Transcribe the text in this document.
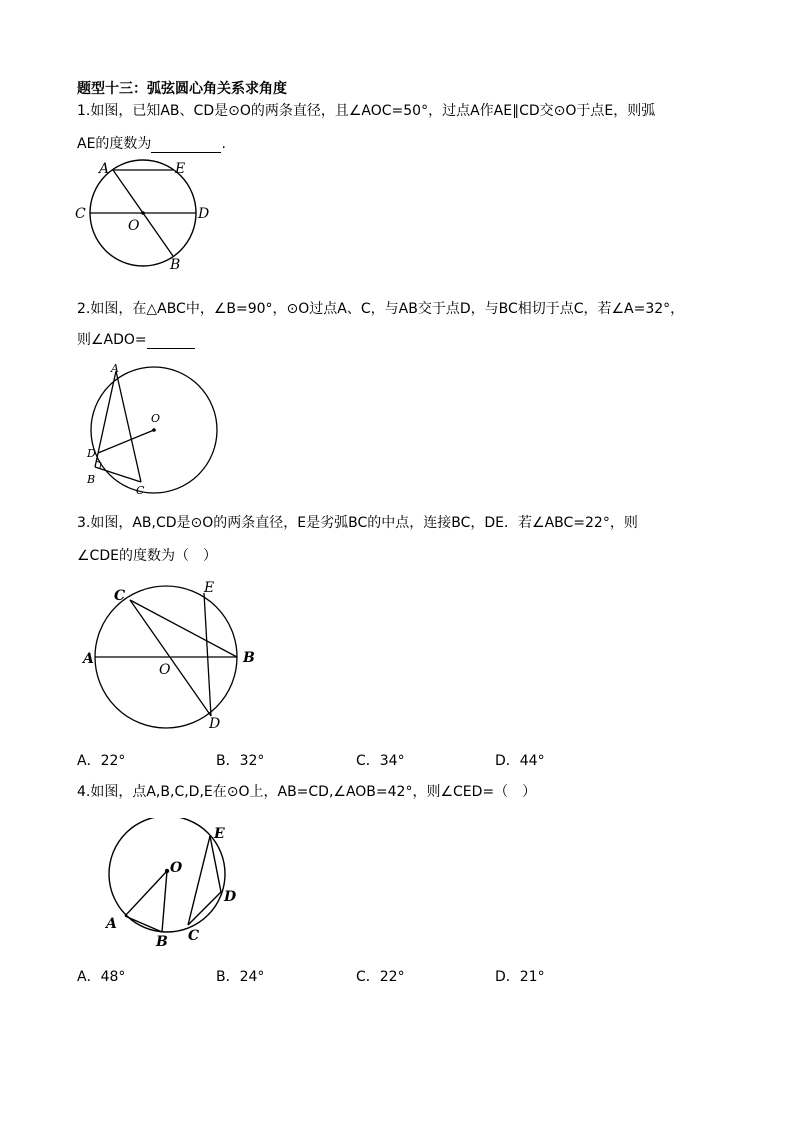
题型十三：弧弦圆心角关系求角度
1.如图，已知AB、CD是⊙O的两条直径，且∠AOC=50°，过点A作AE∥CD交⊙O于点E，则弧
AE的度数为	.
A	E
C	D
O
B
2.如图，在△ABC中，∠B=90°，⊙O过点A、C，与AB交于点D，与BC相切于点C，若∠A=32°，
则∠ADO=
A
O
D
B
C
3.如图，AB,CD是⊙O的两条直径，E是劣弧BC的中点，连接BC，DE．若∠ABC=22°，则
∠CDE的度数为（　）
C	E
A	B
O
D
A．22°	B．32°	C．34°	D．44°
4.如图，点A,B,C,D,E在⊙O上，AB=CD,∠AOB=42°，则∠CED=（　）
E
O
D
A
B C
A．48°	B．24°	C．22°	D．21°
